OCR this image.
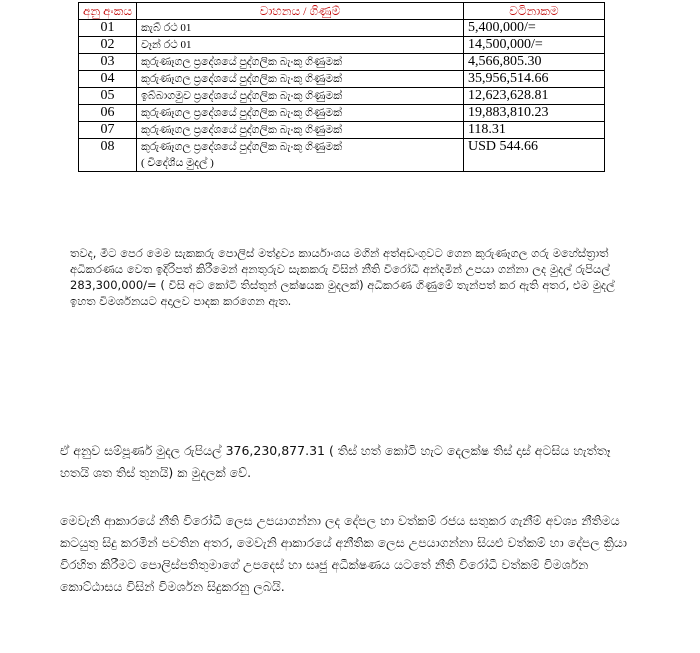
අනු අංකය	වාහනය / ගිණුම්	වටිනාකම
01	කැබ් රථ 01	5,400,000/=
02	වෑන් රථ 01	14,500,000/=
03	කුරුණෑගල ප්‍රදේශයේ පුද්ගලික බැංකු ගිණුමක්	4,566,805.30
04	කුරුණෑගල ප්‍රදේශයේ පුද්ගලික බැංකු ගිණුමක්	35,956,514.66
05	ඉබ්බාගමුව ප්‍රදේශයේ පුද්ගලික බැංකු ගිණුමක්	12,623,628.81
06	කුරුණෑගල ප්‍රදේශයේ පුද්ගලික බැංකු ගිණුමක්	19,883,810.23
07	කුරුණෑගල ප්‍රදේශයේ පුද්ගලික බැංකු ගිණුමක්	118.31
08	කුරුණෑගල ප්‍රදේශයේ පුද්ගලික බැංකු ගිණුමක්
( විදේශීය මුදල් )	USD 544.66

තවද, මීට පෙර මෙම සැකකරු පොලිස් මත්ද්‍රව්‍ය කාර්යාංශය මගින් අත්අඩංගුවට ගෙන කුරුණෑගල ගරු මහේස්ත්‍රාත් අධිකරණය වෙත ඉදිරිපත් කිරීමෙන් අනතුරුව සැකකරු විසින් නීති විරෝධී අන්දමින් උපයා ගන්නා ලද මුදල් රුපියල් 283,300,000/= ( විසි අට කෝටි තිස්තුන් ලක්ෂයක මුදලක්) අධිකරණ ගිණුමේ තැන්පත් කර ඇති අතර, එම මුදල් ඉහත විමර්ශනයට අදාලව පාදක කරගෙන ඇත.

ඒ අනුව සම්පූර්ණ මුදල රුපියල් 376,230,877.31 ( තිස් හත් කෝටි හැට දෙලක්ෂ තිස් දාස් අටසිය හැත්තෑ හතයි ශත තිස් තුනයි) ක මුදලක් වේ.

මෙවැනි ආකාරයේ නීති විරෝධී ලෙස උපයාගන්නා ලද දේපල හා වත්කම් රජය සතුකර ගැනීම් අවශ්‍ය නීතිමය කටයුතු සිදු කරමින් පවතින අතර, මෙවැනි ආකාරයේ අනීතික ලෙස උපයාගන්නා සියළු වත්කම් හා දේපල ක්‍රියා විරහිත කිරීමට පොලිස්පතිතුමාගේ උපදෙස් හා සෘජු අධීක්ෂණය යටතේ නීති විරෝධී වත්කම් විමර්ශන කොට්ඨාසය විසින් විමර්ශන සිදුකරනු ලබයි.
